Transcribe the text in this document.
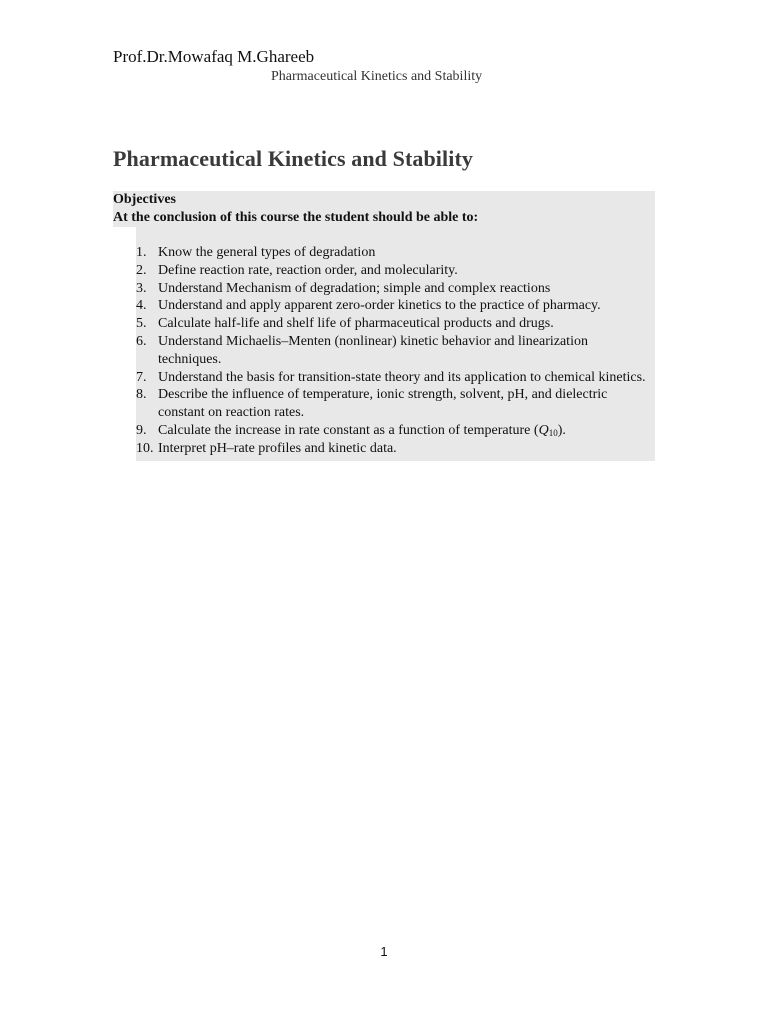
Prof.Dr.Mowafaq M.Ghareeb
Pharmaceutical Kinetics and Stability
Pharmaceutical Kinetics and Stability
Objectives
At the conclusion of this course the student should be able to:
1. Know the general types of degradation
2. Define reaction rate, reaction order, and molecularity.
3. Understand Mechanism of degradation; simple and complex reactions
4. Understand and apply apparent zero-order kinetics to the practice of pharmacy.
5. Calculate half-life and shelf life of pharmaceutical products and drugs.
6. Understand Michaelis–Menten (nonlinear) kinetic behavior and linearization techniques.
7. Understand the basis for transition-state theory and its application to chemical kinetics.
8. Describe the influence of temperature, ionic strength, solvent, pH, and dielectric constant on reaction rates.
9. Calculate the increase in rate constant as a function of temperature $(Q_{10})$.
10. Interpret pH–rate profiles and kinetic data.
1
